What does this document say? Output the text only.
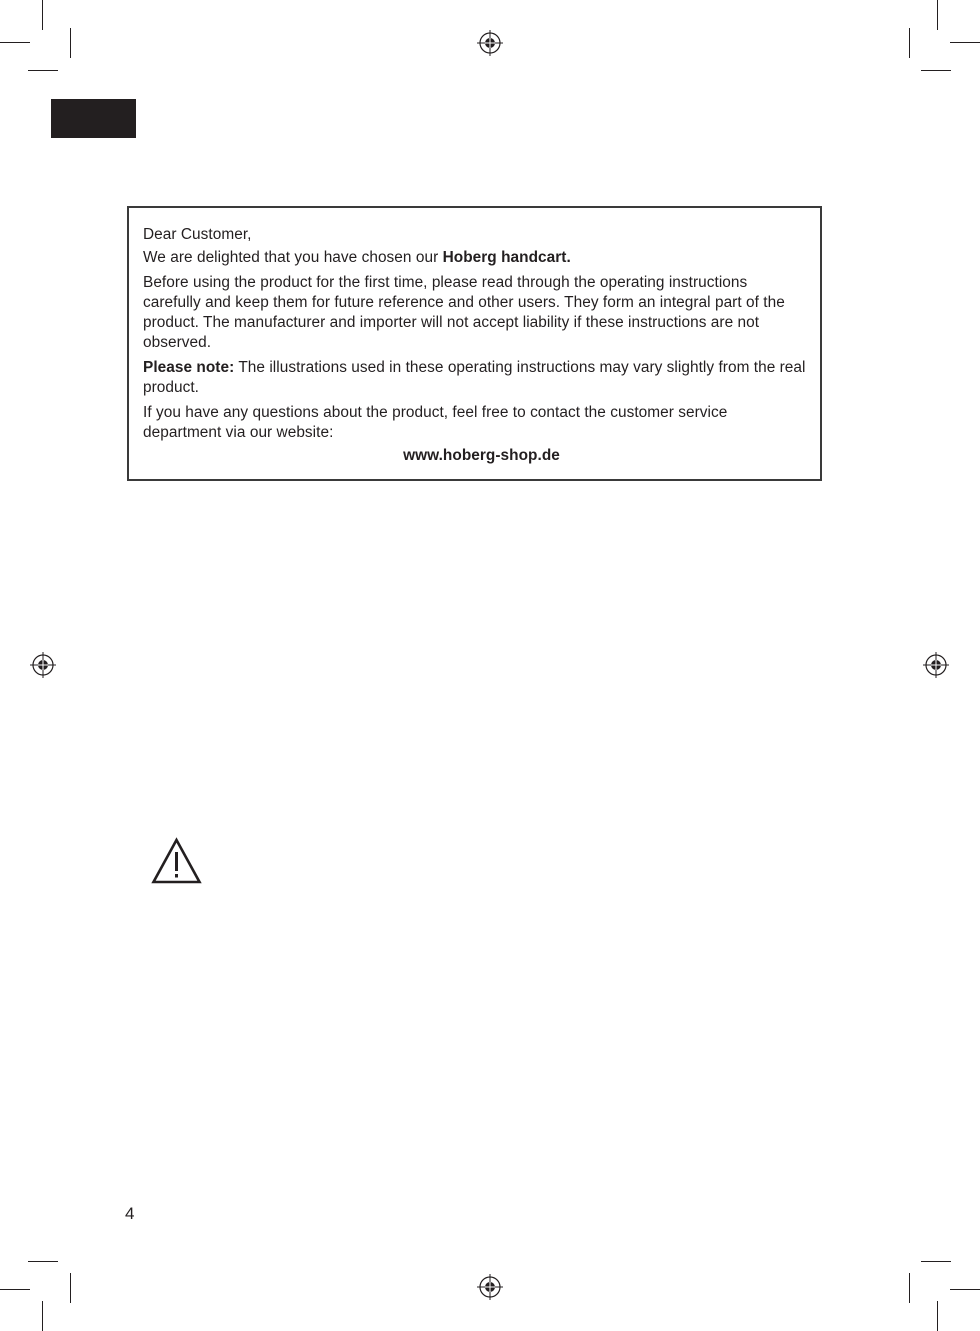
Dear Customer,

We are delighted that you have chosen our Hoberg handcart.

Before using the product for the first time, please read through the operating instructions carefully and keep them for future reference and other users. They form an integral part of the product. The manufacturer and importer will not accept liability if these instructions are not observed.

Please note: The illustrations used in these operating instructions may vary slightly from the real product.

If you have any questions about the product, feel free to contact the customer service department via our website:

www.hoberg-shop.de
4
